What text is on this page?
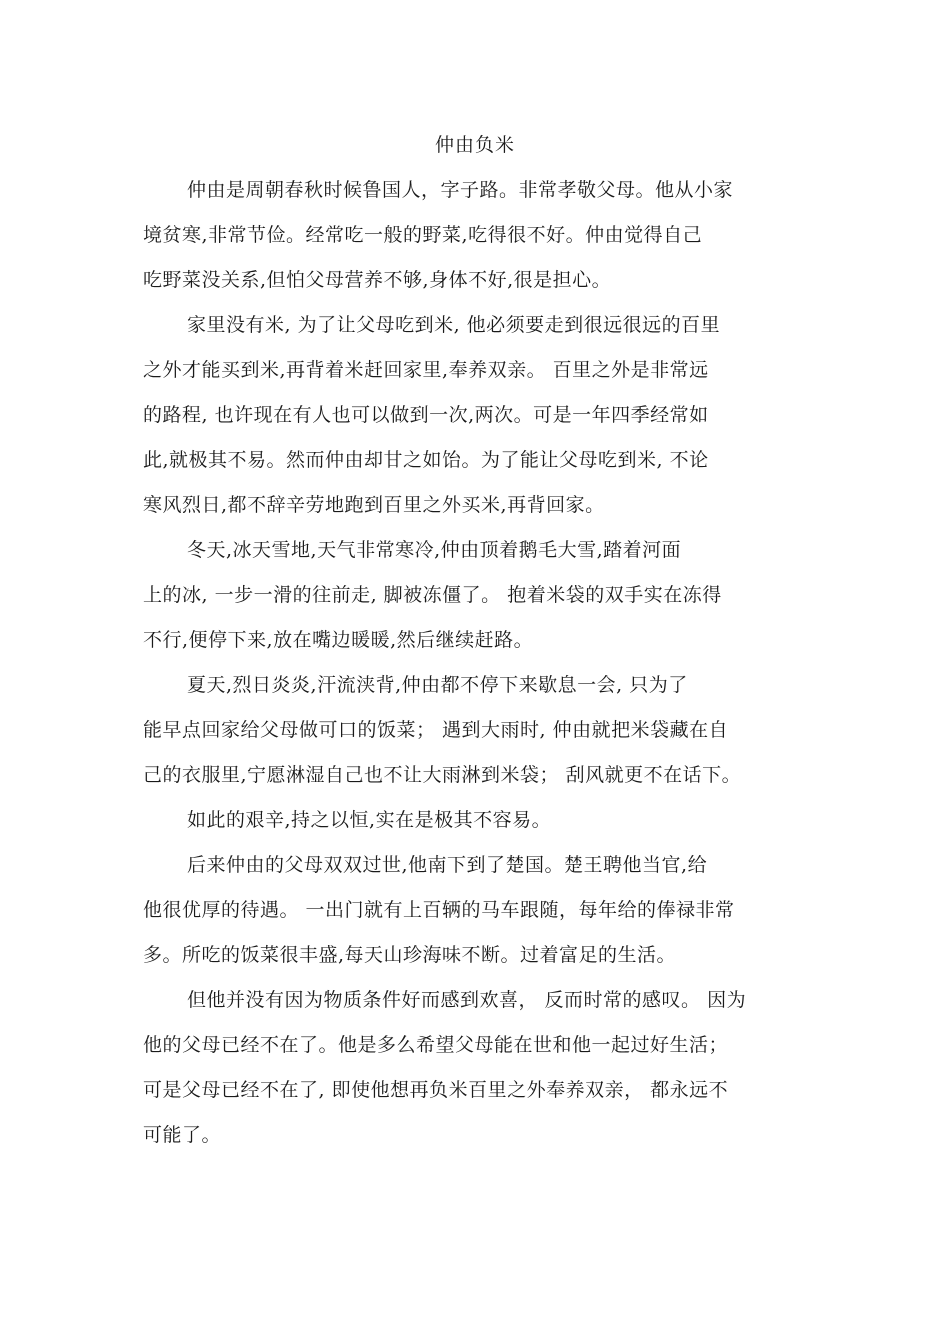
仲由负米
仲由是周朝春秋时候鲁国人，字子路。非常孝敬父母。他从小家
境贫寒,非常节俭。经常吃一般的野菜,吃得很不好。仲由觉得自己
吃野菜没关系,但怕父母营养不够,身体不好,很是担心。
家里没有米, 为了让父母吃到米, 他必须要走到很远很远的百里
之外才能买到米,再背着米赶回家里,奉养双亲。 百里之外是非常远
的路程, 也许现在有人也可以做到一次,两次。可是一年四季经常如
此,就极其不易。然而仲由却甘之如饴。为了能让父母吃到米, 不论
寒风烈日,都不辞辛劳地跑到百里之外买米,再背回家。
冬天,冰天雪地,天气非常寒冷,仲由顶着鹅毛大雪,踏着河面
上的冰, 一步一滑的往前走, 脚被冻僵了。 抱着米袋的双手实在冻得
不行,便停下来,放在嘴边暖暖,然后继续赶路。
夏天,烈日炎炎,汗流浃背,仲由都不停下来歇息一会, 只为了
能早点回家给父母做可口的饭菜； 遇到大雨时, 仲由就把米袋藏在自
己的衣服里,宁愿淋湿自己也不让大雨淋到米袋； 刮风就更不在话下。
如此的艰辛,持之以恒,实在是极其不容易。
后来仲由的父母双双过世,他南下到了楚国。楚王聘他当官,给
他很优厚的待遇。 一出门就有上百辆的马车跟随，每年给的俸禄非常
多。所吃的饭菜很丰盛,每天山珍海味不断。过着富足的生活。
但他并没有因为物质条件好而感到欢喜， 反而时常的感叹。 因为
他的父母已经不在了。他是多么希望父母能在世和他一起过好生活；
可是父母已经不在了, 即使他想再负米百里之外奉养双亲， 都永远不
可能了。
